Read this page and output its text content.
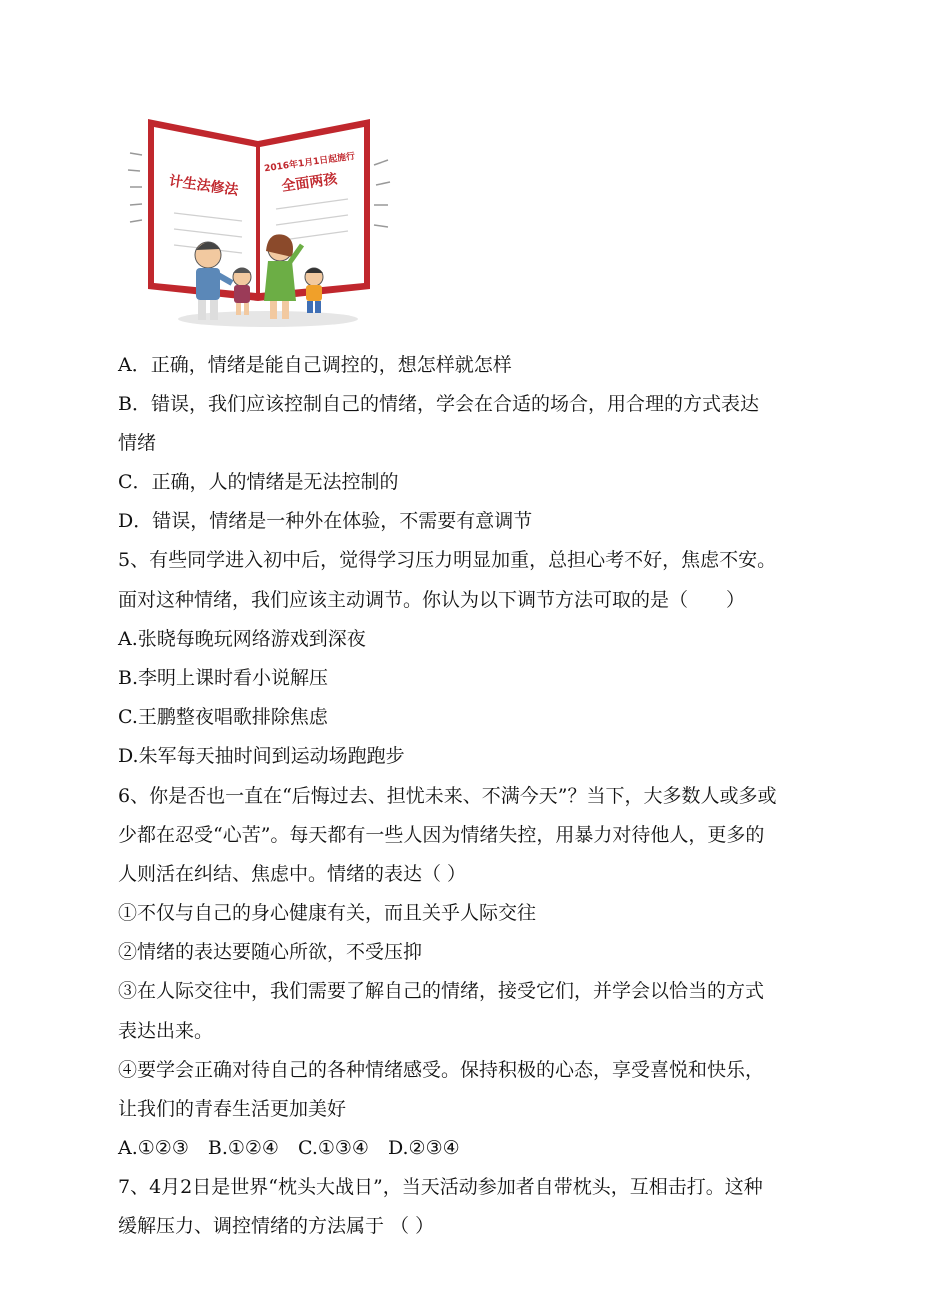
计生法修法
2016年1月1日起施行
全面两孩
A．正确，情绪是能自己调控的，想怎样就怎样
B．错误，我们应该控制自己的情绪，学会在合适的场合，用合理的方式表达
情绪
C．正确，人的情绪是无法控制的
D．错误，情绪是一种外在体验，不需要有意调节
5、有些同学进入初中后，觉得学习压力明显加重，总担心考不好，焦虑不安。
面对这种情绪，我们应该主动调节。你认为以下调节方法可取的是（　　）
A.张晓每晚玩网络游戏到深夜
B.李明上课时看小说解压
C.王鹏整夜唱歌排除焦虑
D.朱军每天抽时间到运动场跑跑步
6、你是否也一直在“后悔过去、担忧未来、不满今天”？当下，大多数人或多或
少都在忍受“心苦”。每天都有一些人因为情绪失控，用暴力对待他人，更多的
人则活在纠结、焦虑中。情绪的表达（ ）
①不仅与自己的身心健康有关，而且关乎人际交往
②情绪的表达要随心所欲，不受压抑
③在人际交往中，我们需要了解自己的情绪，接受它们，并学会以恰当的方式
表达出来。
④要学会正确对待自己的各种情绪感受。保持积极的心态，享受喜悦和快乐，
让我们的青春生活更加美好
A.①②③　B.①②④　C.①③④　D.②③④
7、4月2日是世界“枕头大战日”，当天活动参加者自带枕头，互相击打。这种
缓解压力、调控情绪的方法属于 （ ）
